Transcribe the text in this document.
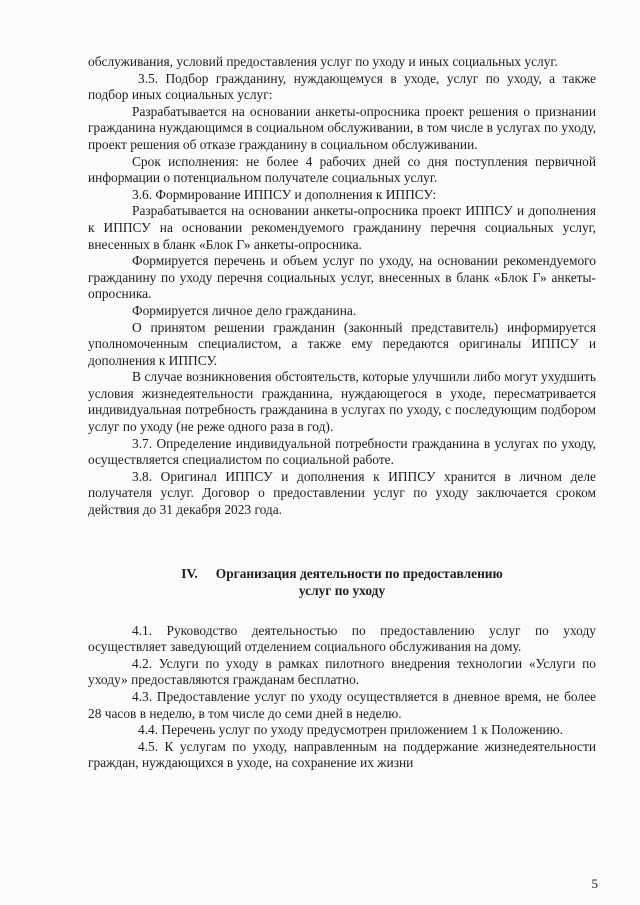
обслуживания, условий предоставления услуг по уходу и иных социальных услуг.

3.5. Подбор гражданину, нуждающемуся в уходе, услуг по уходу, а также подбор иных социальных услуг:

Разрабатывается на основании анкеты-опросника проект решения о признании гражданина нуждающимся в социальном обслуживании, в том числе в услугах по уходу, проект решения об отказе гражданину в социальном обслуживании.

Срок исполнения: не более 4 рабочих дней со дня поступления первичной информации о потенциальном получателе социальных услуг.

3.6. Формирование ИППСУ и дополнения к ИППСУ:

Разрабатывается на основании анкеты-опросника проект ИППСУ и дополнения к ИППСУ на основании рекомендуемого гражданину перечня социальных услуг, внесенных в бланк «Блок Г» анкеты-опросника.

Формируется перечень и объем услуг по уходу, на основании рекомендуемого гражданину по уходу перечня социальных услуг, внесенных в бланк «Блок Г» анкеты-опросника.

Формируется личное дело гражданина.

О принятом решении гражданин (законный представитель) информируется уполномоченным специалистом, а также ему передаются оригиналы ИППСУ и дополнения к ИППСУ.

В случае возникновения обстоятельств, которые улучшили либо могут ухудшить условия жизнедеятельности гражданина, нуждающегося в уходе, пересматривается индивидуальная потребность гражданина в услугах по уходу, с последующим подбором услуг по уходу (не реже одного раза в год).

3.7. Определение индивидуальной потребности гражданина в услугах по уходу, осуществляется специалистом по социальной работе.

3.8. Оригинал ИППСУ и дополнения к ИППСУ хранится в личном деле получателя услуг. Договор о предоставлении услуг по уходу заключается сроком действия до 31 декабря 2023 года.

IV. Организация деятельности по предоставлению

услуг по уходу

4.1. Руководство деятельностью по предоставлению услуг по уходу осуществляет заведующий отделением социального обслуживания на дому.

4.2. Услуги по уходу в рамках пилотного внедрения технологии «Услуги по уходу» предоставляются гражданам бесплатно.

4.3. Предоставление услуг по уходу осуществляется в дневное время, не более 28 часов в неделю, в том числе до семи дней в неделю.

4.4. Перечень услуг по уходу предусмотрен приложением 1 к Положению.

4.5. К услугам по уходу, направленным на поддержание жизнедеятельности граждан, нуждающихся в уходе, на сохранение их жизни

5
